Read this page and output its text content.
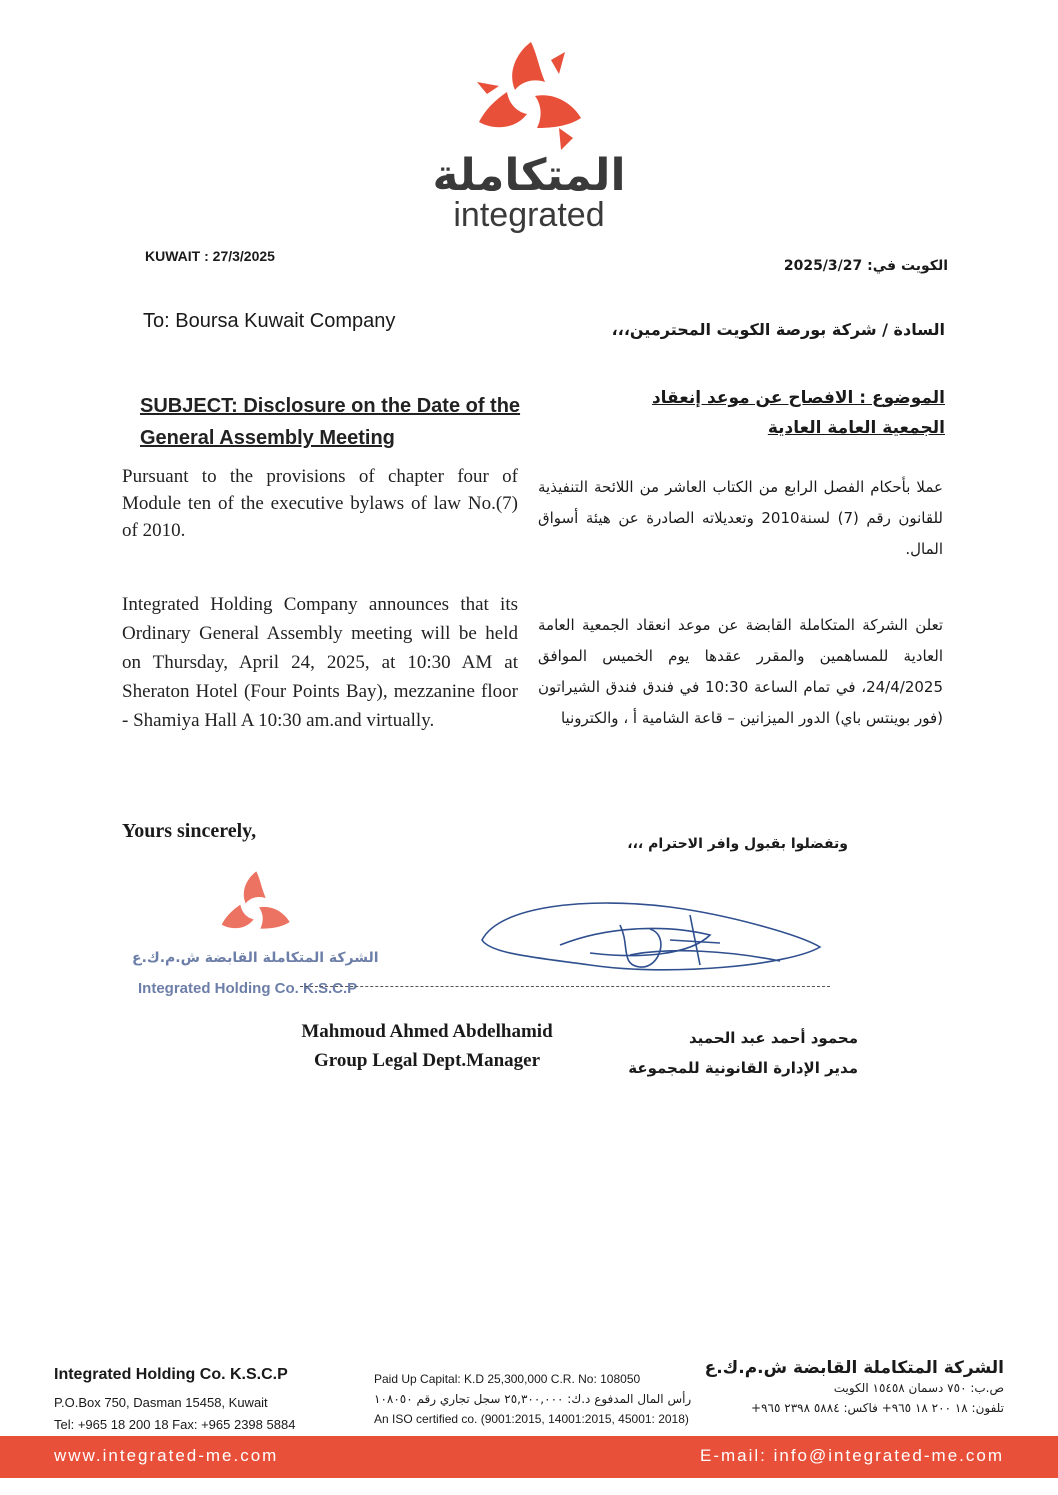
المتكاملة
integrated
KUWAIT : 27/3/2025
الكويت في: 2025/3/27
To: Boursa Kuwait Company	السادة / شركة بورصة الكويت المحترمين،،،
SUBJECT: Disclosure on the Date of the General Assembly Meeting
الموضوع : الافصاح عن موعد إنعقاد الجمعية العامة العادية
Pursuant to the provisions of chapter four of Module ten of the executive bylaws of law No.(7) of 2010.
Integrated Holding Company announces that its Ordinary General Assembly meeting will be held on Thursday, April 24, 2025, at 10:30 AM at Sheraton Hotel (Four Points Bay), mezzanine floor - Shamiya Hall A 10:30 am.and virtually.
عملا بأحكام الفصل الرابع من الكتاب العاشر من اللائحة التنفيذية للقانون رقم (7) لسنة2010 وتعديلاته الصادرة عن هيئة أسواق المال.
تعلن الشركة المتكاملة القابضة عن موعد انعقاد الجمعية العامة العادية للمساهمين والمقرر عقدها يوم الخميس الموافق 24/4/2025، في تمام الساعة 10:30 في فندق فندق الشيراتون (فور بوينتس باي) الدور الميزانين – قاعة الشامية أ ، والكترونيا
Yours sincerely,
وتفضلوا بقبول وافر الاحترام ،،،
الشركة المتكاملة القابضة ش.م.ك.ع
Integrated Holding Co. K.S.C.P
Mahmoud Ahmed Abdelhamid
Group Legal Dept.Manager
محمود أحمد عبد الحميد
مدير الإدارة القانونية للمجموعة
Integrated Holding Co. K.S.C.P
P.O.Box 750, Dasman 15458, Kuwait
Tel: +965 18 200 18 Fax: +965 2398 5884
Paid Up Capital: K.D 25,300,000 C.R. No: 108050
رأس المال المدفوع د.ك: ٢٥,٣٠٠,٠٠٠ سجل تجاري رقم ١٠٨٠٥٠
An ISO certified co. (9001:2015, 14001:2015, 45001: 2018)
الشركة المتكاملة القابضة ش.م.ك.ع
ص.ب: ٧٥٠ دسمان ١٥٤٥٨ الكويت
تلفون: ١٨ ٢٠٠ ١٨ ٩٦٥+ فاكس: ٥٨٨٤ ٢٣٩٨ ٩٦٥+
www.integrated-me.com	E-mail: info@integrated-me.com
